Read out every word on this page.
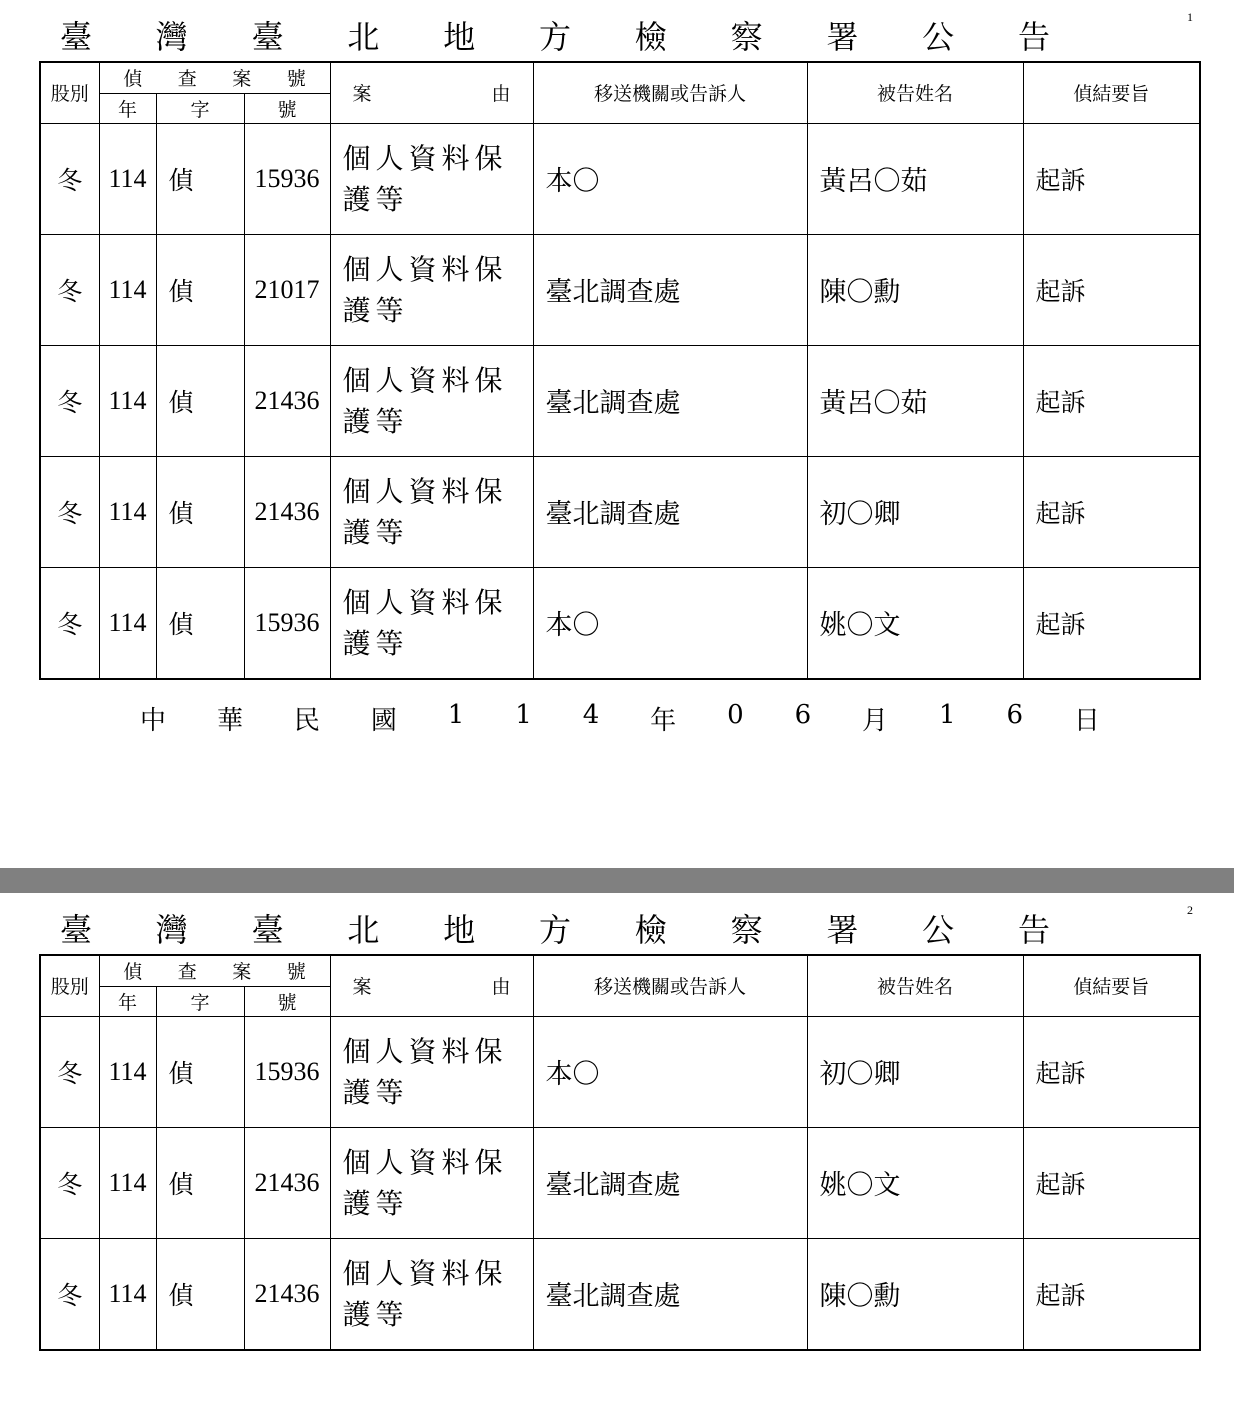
1
臺 灣 臺 北 地 方 檢 察 署 公 告
股別	偵 查 案 號			案 由	移送機關或告訴人	被告姓名	偵結要旨
	年	字	號				
冬	114	偵	15936	個人資料保護等	本〇	黃呂〇茹	起訴
冬	114	偵	21017	個人資料保護等	臺北調查處	陳〇勳	起訴
冬	114	偵	21436	個人資料保護等	臺北調查處	黃呂〇茹	起訴
冬	114	偵	21436	個人資料保護等	臺北調查處	初〇卿	起訴
冬	114	偵	15936	個人資料保護等	本〇	姚〇文	起訴
中 華 民 國 1 1 4 年 0 6 月 1 6 日
2
臺 灣 臺 北 地 方 檢 察 署 公 告
股別	偵 查 案 號			案 由	移送機關或告訴人	被告姓名	偵結要旨
	年	字	號				
冬	114	偵	15936	個人資料保護等	本〇	初〇卿	起訴
冬	114	偵	21436	個人資料保護等	臺北調查處	姚〇文	起訴
冬	114	偵	21436	個人資料保護等	臺北調查處	陳〇勳	起訴
